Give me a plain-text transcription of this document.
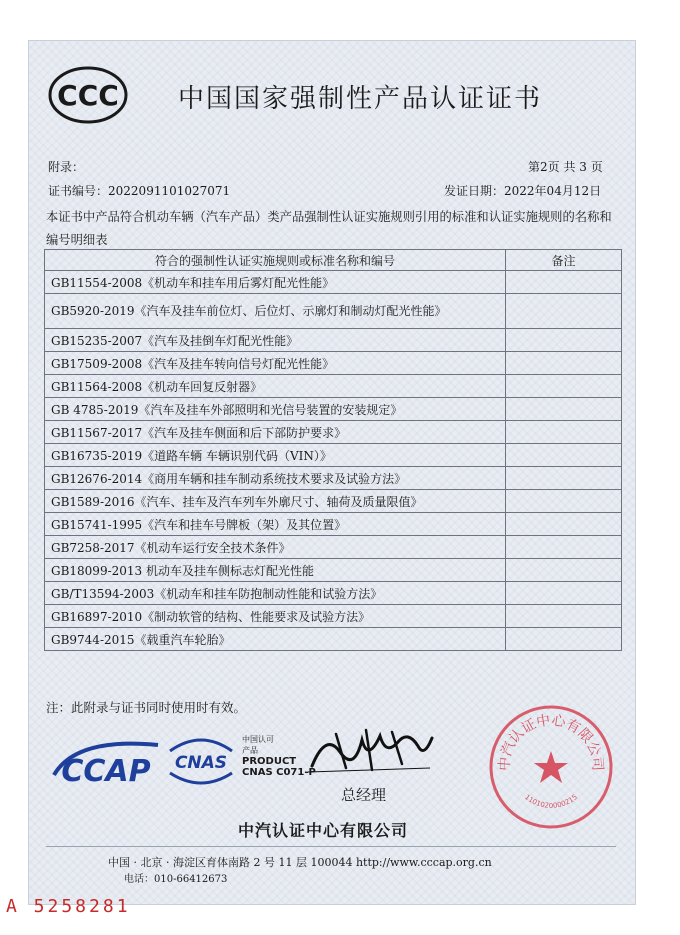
CCC 中国国家强制性产品认证证书
附录：	第2页 共 3 页
证书编号：2022091101027071	发证日期：2022年04月12日
本证书中产品符合机动车辆（汽车产品）类产品强制性认证实施规则引用的标准和认证实施规则的名称和编号明细表
符合的强制性认证实施规则或标准名称和编号	备注
GB11554-2008《机动车和挂车用后雾灯配光性能》	
GB5920-2019《汽车及挂车前位灯、后位灯、示廓灯和制动灯配光性能》	
GB15235-2007《汽车及挂倒车灯配光性能》	
GB17509-2008《汽车及挂车转向信号灯配光性能》	
GB11564-2008《机动车回复反射器》	
GB 4785-2019《汽车及挂车外部照明和光信号装置的安装规定》	
GB11567-2017《汽车及挂车侧面和后下部防护要求》	
GB16735-2019《道路车辆 车辆识别代码（VIN）》	
GB12676-2014《商用车辆和挂车制动系统技术要求及试验方法》	
GB1589-2016《汽车、挂车及汽车列车外廓尺寸、轴荷及质量限值》	
GB15741-1995《汽车和挂车号牌板（架）及其位置》	
GB7258-2017《机动车运行安全技术条件》	
GB18099-2013 机动车及挂车侧标志灯配光性能	
GB/T13594-2003《机动车和挂车防抱制动性能和试验方法》	
GB16897-2010《制动软管的结构、性能要求及试验方法》	
GB9744-2015《载重汽车轮胎》	
注：此附录与证书同时使用时有效。
CCAP CNAS
中国认可
产品
PRODUCT
CNAS C071-P
总经理
中汽认证中心有限公司
中汽认证中心有限公司
1101020000215
中国 · 北京 · 海淀区育体南路 2 号 11 层 100044 http://www.cccap.org.cn
电话：010-66412673
A 5258281
